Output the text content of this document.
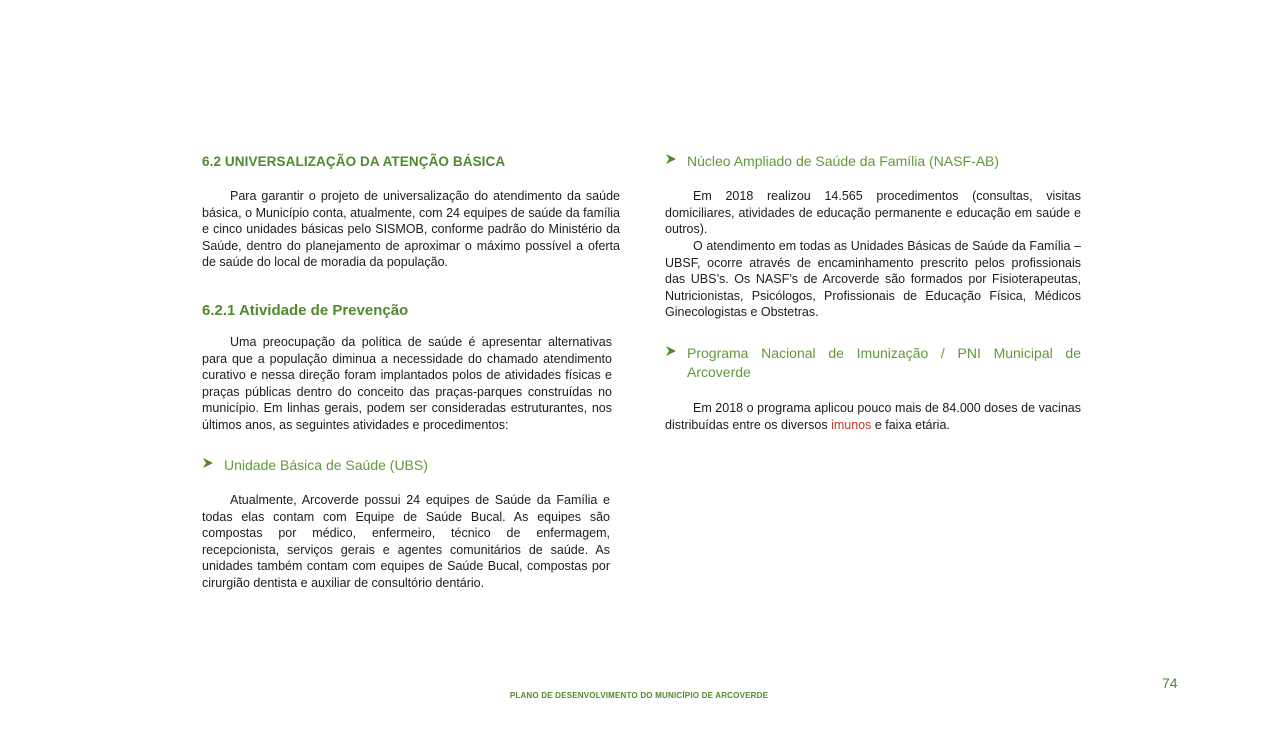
6.2 UNIVERSALIZAÇÃO DA ATENÇÃO BÁSICA

Para garantir o projeto de universalização do atendimento da saúde básica, o Município conta, atualmente, com 24 equipes de saúde da família e cinco unidades básicas pelo SISMOB, conforme padrão do Ministério da Saúde, dentro do planejamento de aproximar o máximo possível a oferta de saúde do local de moradia da população.

6.2.1 Atividade de Prevenção

Uma preocupação da política de saúde é apresentar alternativas para que a população diminua a necessidade do chamado atendimento curativo e nessa direção foram implantados polos de atividades físicas e praças públicas dentro do conceito das praças-parques construídas no município. Em linhas gerais, podem ser consideradas estruturantes, nos últimos anos, as seguintes atividades e procedimentos:

Unidade Básica de Saúde (UBS)

Atualmente, Arcoverde possui 24 equipes de Saúde da Família e todas elas contam com Equipe de Saúde Bucal. As equipes são compostas por médico, enfermeiro, técnico de enfermagem, recepcionista, serviços gerais e agentes comunitários de saúde. As unidades também contam com equipes de Saúde Bucal, compostas por cirurgião dentista e auxiliar de consultório dentário.

Núcleo Ampliado de Saúde da Família (NASF-AB)

Em 2018 realizou 14.565 procedimentos (consultas, visitas domiciliares, atividades de educação permanente e educação em saúde e outros).

O atendimento em todas as Unidades Básicas de Saúde da Família – UBSF, ocorre através de encaminhamento prescrito pelos profissionais das UBS’s. Os NASF’s de Arcoverde são formados por Fisioterapeutas, Nutricionistas, Psicólogos, Profissionais de Educação Física, Médicos Ginecologistas e Obstetras.

Programa Nacional de Imunização / PNI Municipal de Arcoverde

Em 2018 o programa aplicou pouco mais de 84.000 doses de vacinas distribuídas entre os diversos imunos e faixa etária.

74
PLANO DE DESENVOLVIMENTO DO MUNICÍPIO DE ARCOVERDE
